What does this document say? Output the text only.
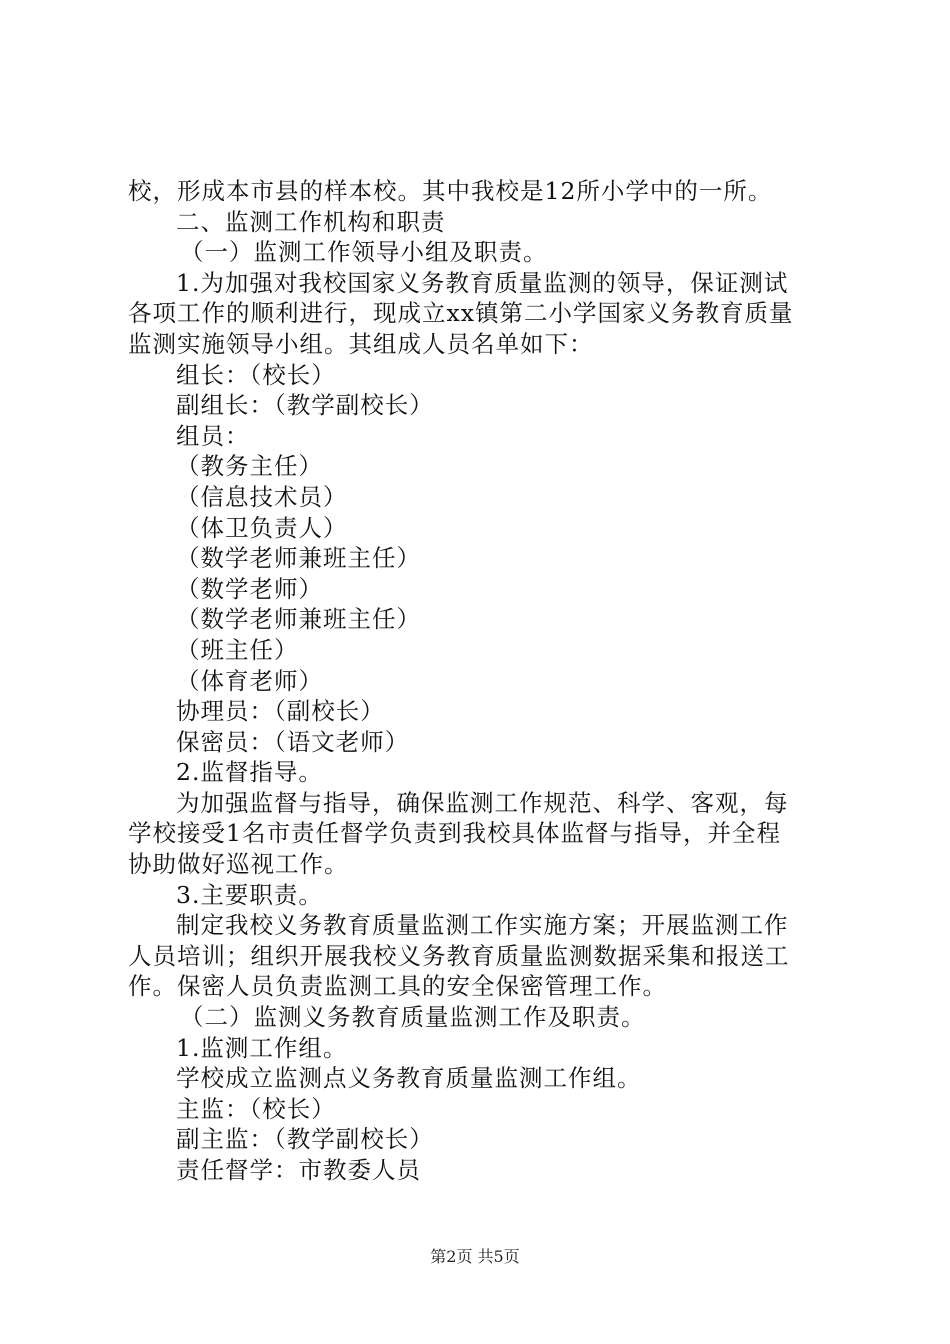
校，形成本市县的样本校。其中我校是12所小学中的一所。
二、监测工作机构和职责
（一）监测工作领导小组及职责。
1.为加强对我校国家义务教育质量监测的领导，保证测试
各项工作的顺利进行，现成立xx镇第二小学国家义务教育质量
监测实施领导小组。其组成人员名单如下：
组长：（校长）
副组长：（教学副校长）
组员：
（教务主任）
（信息技术员）
（体卫负责人）
（数学老师兼班主任）
（数学老师）
（数学老师兼班主任）
（班主任）
（体育老师）
协理员：（副校长）
保密员：（语文老师）
2.监督指导。
为加强监督与指导，确保监测工作规范、科学、客观，每
学校接受1名市责任督学负责到我校具体监督与指导，并全程
协助做好巡视工作。
3.主要职责。
制定我校义务教育质量监测工作实施方案；开展监测工作
人员培训；组织开展我校义务教育质量监测数据采集和报送工
作。保密人员负责监测工具的安全保密管理工作。
（二）监测义务教育质量监测工作及职责。
1.监测工作组。
学校成立监测点义务教育质量监测工作组。
主监：（校长）
副主监：（教学副校长）
责任督学：市教委人员
第2页 共5页
